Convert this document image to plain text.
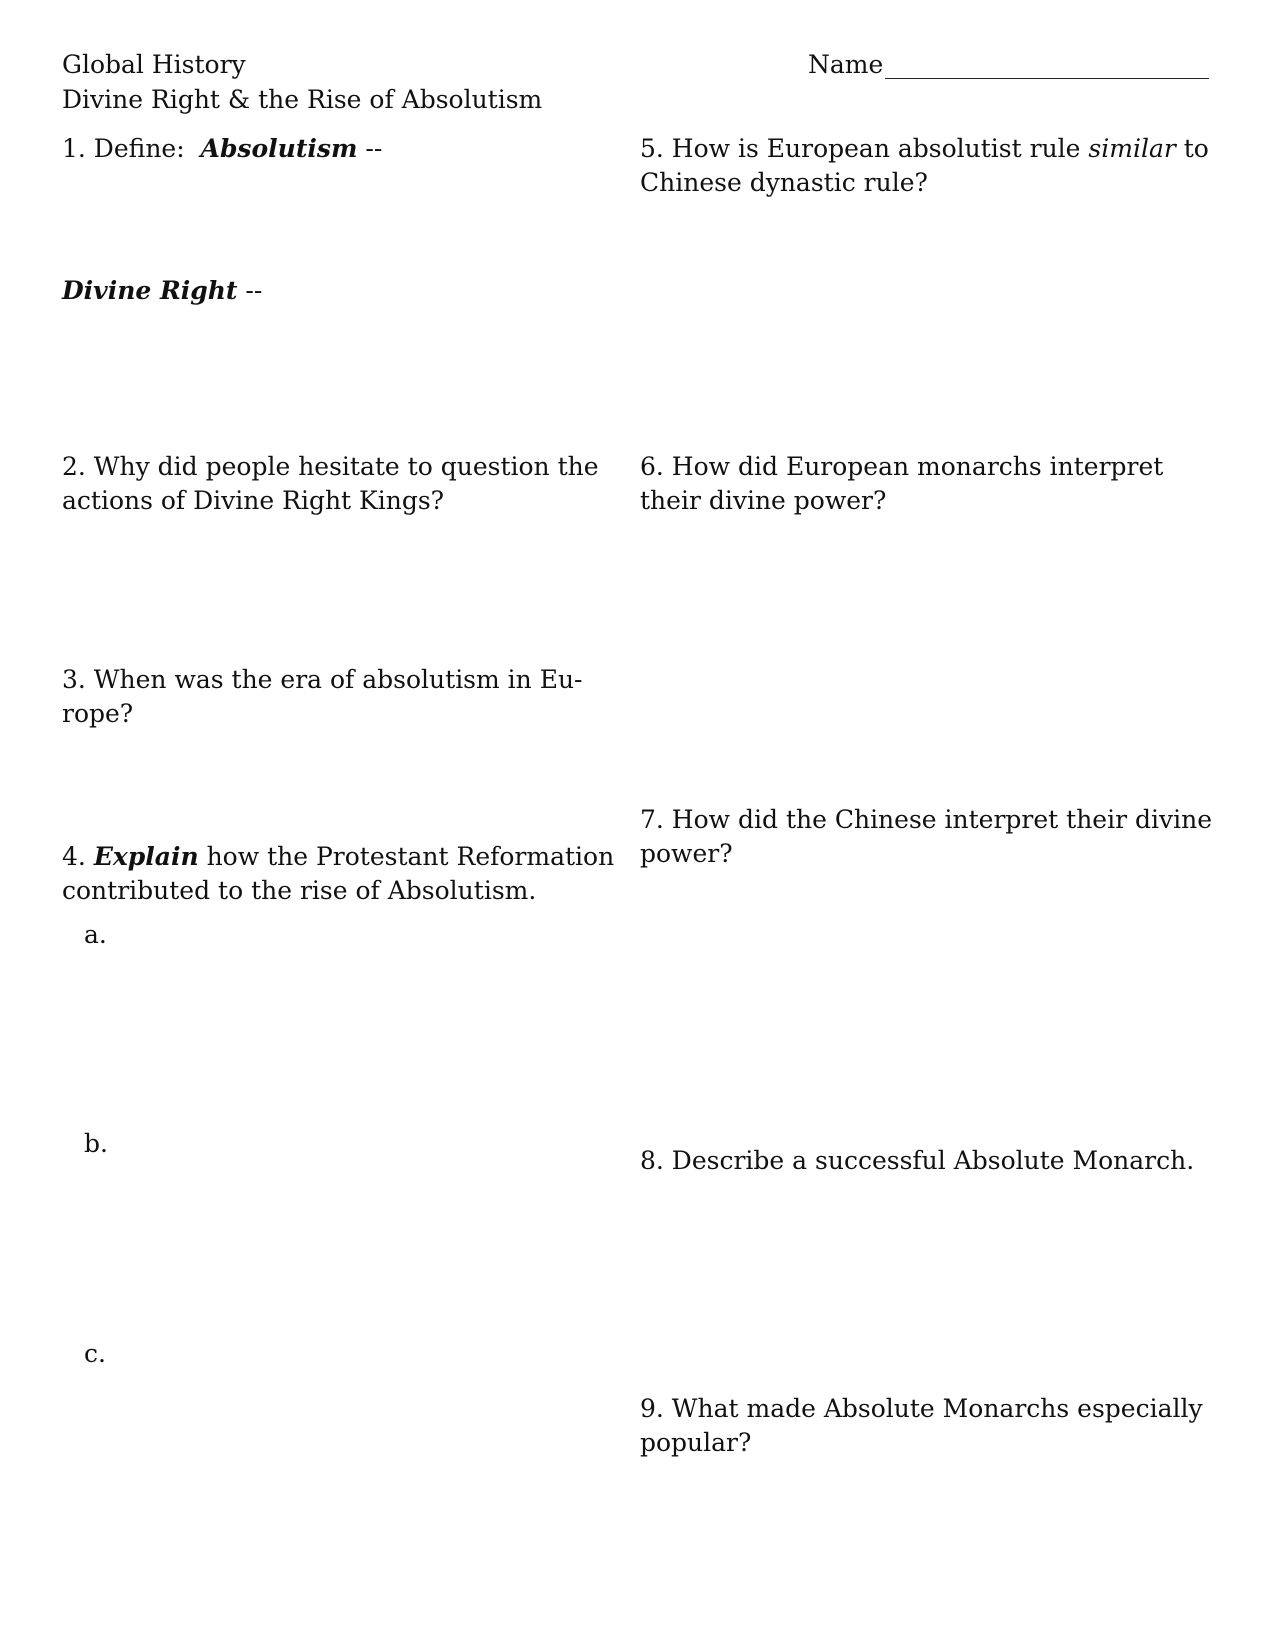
Global History
Divine Right & the Rise of Absolutism
Name
1. Define: Absolutism --
Divine Right --
2. Why did people hesitate to question the
actions of Divine Right Kings?
3. When was the era of absolutism in Eu-
rope?
4. Explain how the Protestant Reformation
contributed to the rise of Absolutism.
a.
b.
c.
5. How is European absolutist rule similar to
Chinese dynastic rule?
6. How did European monarchs interpret
their divine power?
7. How did the Chinese interpret their divine
power?
8. Describe a successful Absolute Monarch.
9. What made Absolute Monarchs especially
popular?
